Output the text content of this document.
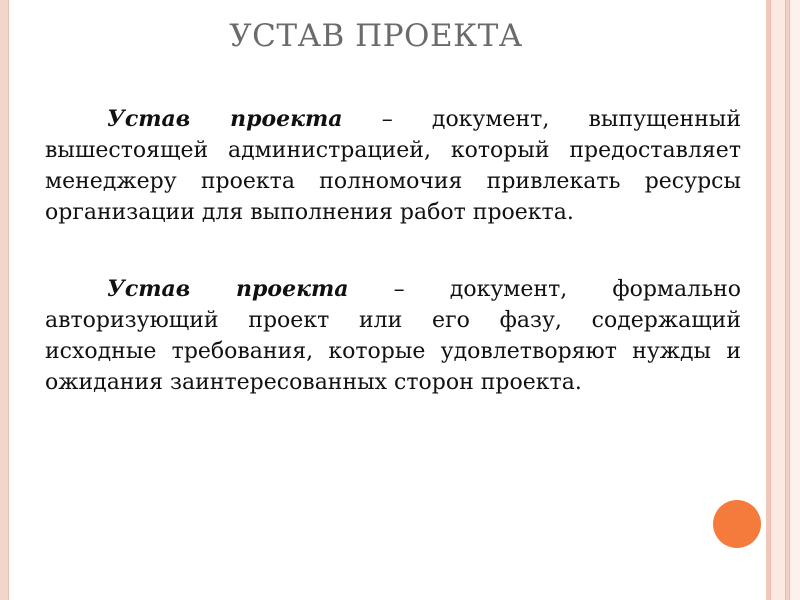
УСТАВ ПРОЕКТА

Устав проекта – документ, выпущенный вышестоящей администрацией, который предоставляет менеджеру проекта полномочия привлекать ресурсы организации для выполнения работ проекта.

Устав проекта – документ, формально авторизующий проект или его фазу, содержащий исходные требования, которые удовлетворяют нужды и ожидания заинтересованных сторон проекта.
